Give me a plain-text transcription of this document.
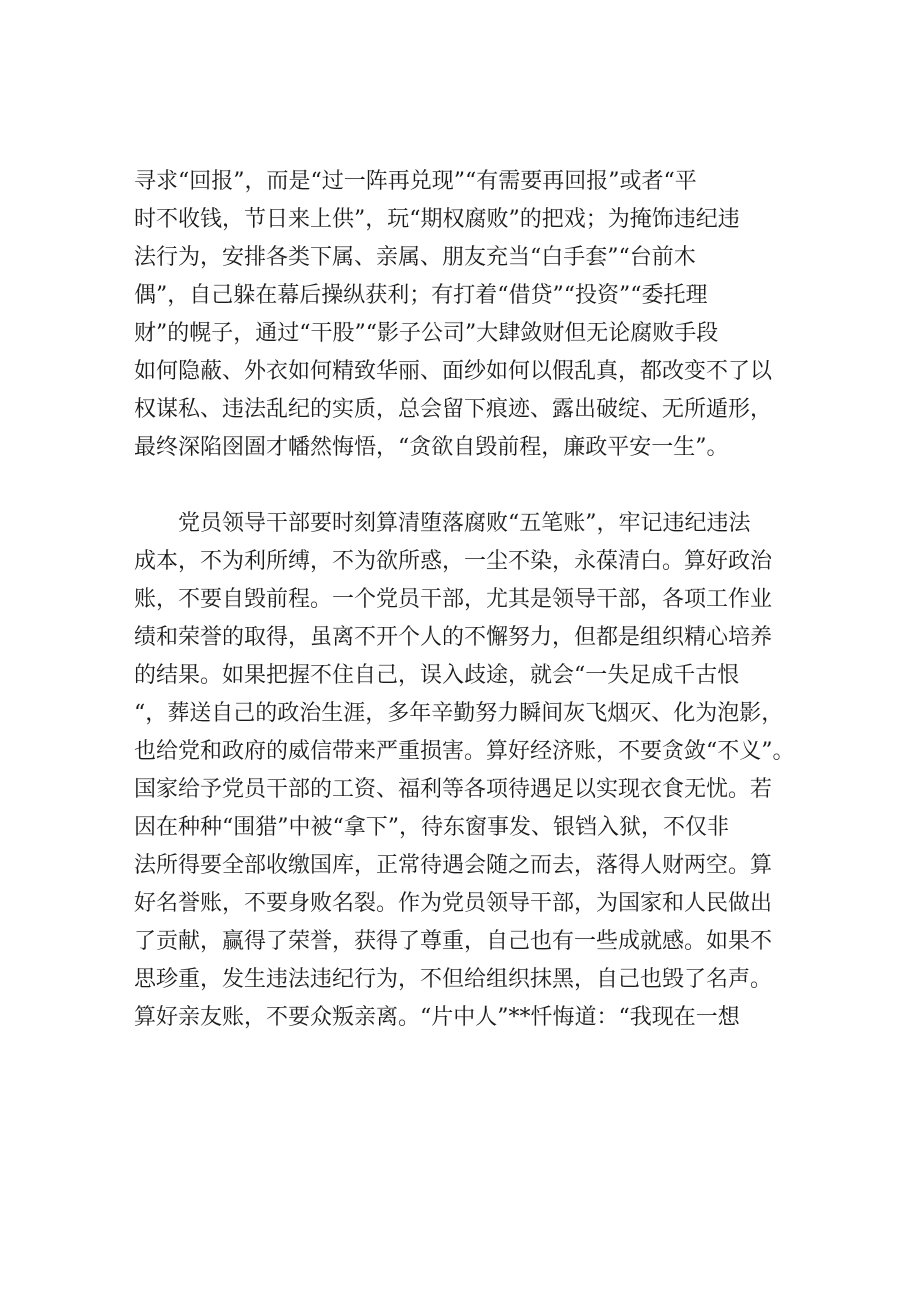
寻求“回报”，而是“过一阵再兑现”“有需要再回报”或者“平
时不收钱，节日来上供”，玩“期权腐败”的把戏；为掩饰违纪违
法行为，安排各类下属、亲属、朋友充当“白手套”“台前木
偶”，自己躲在幕后操纵获利；有打着“借贷”“投资”“委托理
财”的幌子，通过“干股”“影子公司”大肆敛财但无论腐败手段
如何隐蔽、外衣如何精致华丽、面纱如何以假乱真，都改变不了以
权谋私、违法乱纪的实质，总会留下痕迹、露出破绽、无所遁形，
最终深陷囹圄才幡然悔悟，“贪欲自毁前程，廉政平安一生”。
党员领导干部要时刻算清堕落腐败“五笔账”，牢记违纪违法
成本，不为利所缚，不为欲所惑，一尘不染，永葆清白。算好政治
账，不要自毁前程。一个党员干部，尤其是领导干部，各项工作业
绩和荣誉的取得，虽离不开个人的不懈努力，但都是组织精心培养
的结果。如果把握不住自己，误入歧途，就会“一失足成千古恨
“，葬送自己的政治生涯，多年辛勤努力瞬间灰飞烟灭、化为泡影，
也给党和政府的威信带来严重损害。算好经济账，不要贪敛“不义”。
国家给予党员干部的工资、福利等各项待遇足以实现衣食无忧。若
因在种种“围猎”中被“拿下”，待东窗事发、银铛入狱，不仅非
法所得要全部收缴国库，正常待遇会随之而去，落得人财两空。算
好名誉账，不要身败名裂。作为党员领导干部，为国家和人民做出
了贡献，赢得了荣誉，获得了尊重，自己也有一些成就感。如果不
思珍重，发生违法违纪行为，不但给组织抹黑，自己也毁了名声。
算好亲友账，不要众叛亲离。“片中人”**忏悔道：“我现在一想
